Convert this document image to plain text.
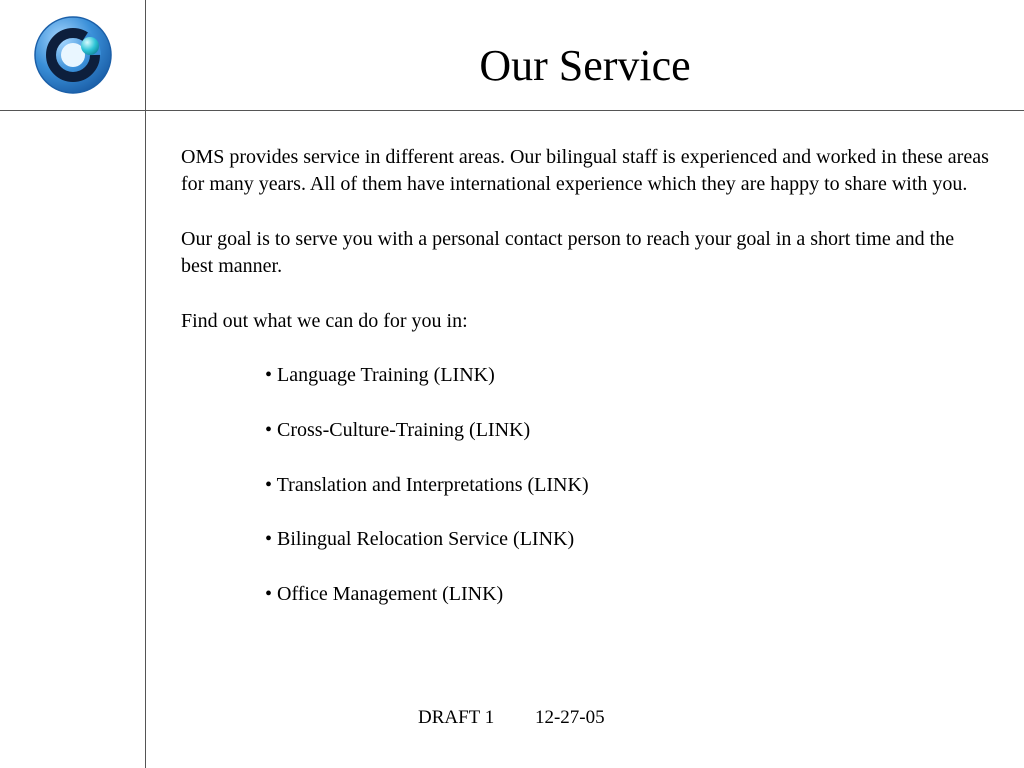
Our Service

OMS provides service in different areas. Our bilingual staff is experienced and worked in these areas for many years. All of them have international experience which they are happy to share with you.

Our goal is to serve you with a personal contact person to reach your goal in a short time and the best manner.

Find out what we can do for you in:

• Language Training (LINK)
• Cross-Culture-Training (LINK)
• Translation and Interpretations (LINK)
• Bilingual Relocation Service (LINK)
• Office Management (LINK)
DRAFT 1 12-27-05
